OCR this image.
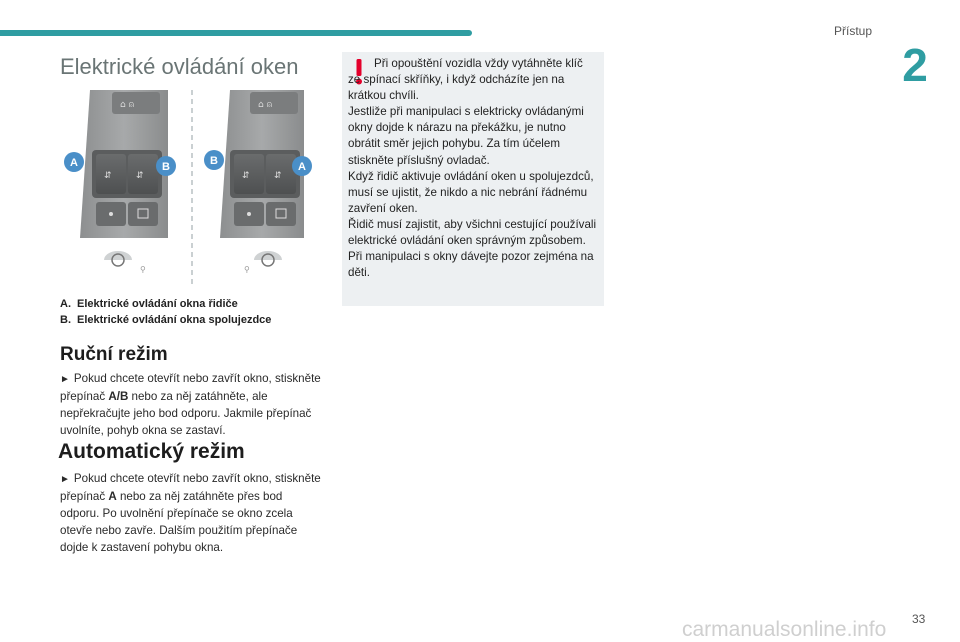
Přístup
2
Elektrické ovládání oken
⌂ ⍝
⇵	⇵
⚲
A	B
⌂ ⍝
⇵	⇵
⚲
B	A
A. Elektrické ovládání okna řidiče
B. Elektrické ovládání okna spolujezdce
Ruční režim

► Pokud chcete otevřít nebo zavřít okno, stiskněte přepínač A/B nebo za něj zatáhněte, ale nepřekračujte jeho bod odporu. Jakmile přepínač uvolníte, pohyb okna se zastaví.

Automatický režim

► Pokud chcete otevřít nebo zavřít okno, stiskněte přepínač A nebo za něj zatáhněte přes bod odporu. Po uvolnění přepínače se okno zcela otevře nebo zavře. Dalším použitím přepínače dojde k zastavení pohybu okna.

Při opouštění vozidla vždy vytáhněte klíč ze spínací skříňky, i když odcházíte jen na krátkou chvíli.

Jestliže při manipulaci s elektricky ovládanými okny dojde k nárazu na překážku, je nutno obrátit směr jejich pohybu. Za tím účelem stiskněte příslušný ovladač.

Když řidič aktivuje ovládání oken u spolujezdců, musí se ujistit, že nikdo a nic nebrání řádnému zavření oken.

Řidič musí zajistit, aby všichni cestující používali elektrické ovládání oken správným způsobem.

Při manipulaci s okny dávejte pozor zejména na děti.

33
carmanualsonline.info
